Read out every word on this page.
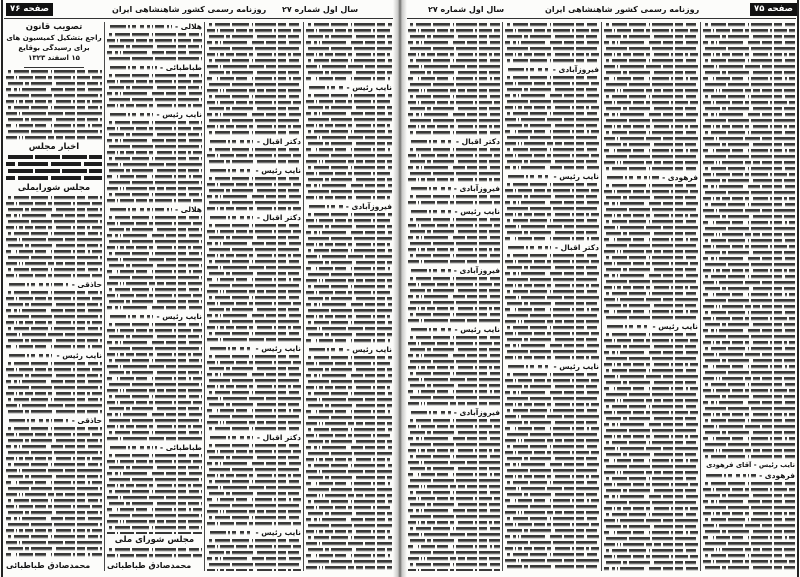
صفحه ۷۶	روزنامه رسمی کشور شاهنشاهی ایران سال اول شماره ۲۷	سال اول شماره ۲۷	روزنامه رسمی کشور شاهنشاهی ایران	صفحه ۷۵
تصویب قانون
راجع بتشکیل کمیسیون های
برای رسیدگی بوقایع
۱۵ اسفند ۱۳۲۳
اخبار مجلس
مجلس شورایملی
حاذقی -
نایب رئیس -
حاذقی -
محمدصادق طباطبائی
هلالی -
طباطبائی -
نایب رئیس -
هلالی -
نایب رئیس -
طباطبائی -
مجلس شورای ملی
محمدصادق طباطبائی
دکتر اقبال -
نایب رئیس -
دکتر اقبال -
نایب رئیس -
دکتر اقبال -
نایب رئیس -
نایب رئیس -
فیروزآبادی -
نایب رئیس -
دکتر اقبال -
فیروزآبادی -
نایب رئیس -
فیروزآبادی -
نایب رئیس -
فیروزآبادی -
فیروزآبادی -
نایب رئیس -
دکتر اقبال -
نایب رئیس -
فرهودی -
نایب رئیس -
نایب رئیس - آقای فرهودی
فرهودی -
